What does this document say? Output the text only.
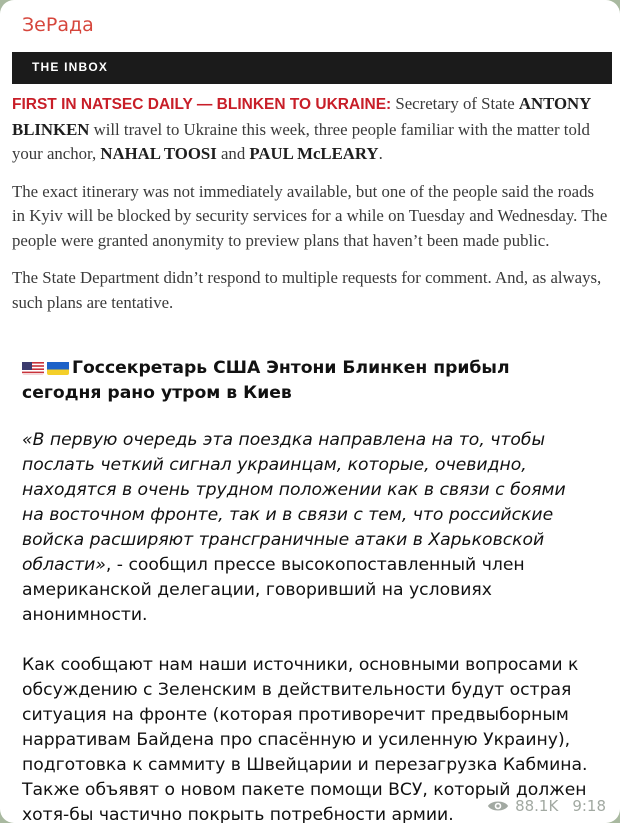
ЗеРада
THE INBOX

FIRST IN NATSEC DAILY — BLINKEN TO UKRAINE: Secretary of State ANTONY BLINKEN will travel to Ukraine this week, three people familiar with the matter told your anchor, NAHAL TOOSI and PAUL McLEARY.

The exact itinerary was not immediately available, but one of the people said the roads in Kyiv will be blocked by security services for a while on Tuesday and Wednesday. The people were granted anonymity to preview plans that haven’t been made public.

The State Department didn’t respond to multiple requests for comment. And, as always, such plans are tentative.

Госсекретарь США Энтони Блинкен прибыл сегодня рано утром в Киев
«В первую очередь эта поездка направлена на то, чтобы послать четкий сигнал украинцам, которые, очевидно, находятся в очень трудном положении как в связи с боями на восточном фронте, так и в связи с тем, что российские войска расширяют трансграничные атаки в Харьковской области», - сообщил прессе высокопоставленный член американской делегации, говоривший на условиях анонимности.
Как сообщают нам наши источники, основными вопросами к обсуждению с Зеленским в действительности будут острая ситуация на фронте (которая противоречит предвыборным нарративам Байдена про спасённую и усиленную Украину), подготовка к саммиту в Швейцарии и перезагрузка Кабмина. Также объявят о новом пакете помощи ВСУ, который должен хотя-бы частично покрыть потребности армии.	88.1K 9:18
